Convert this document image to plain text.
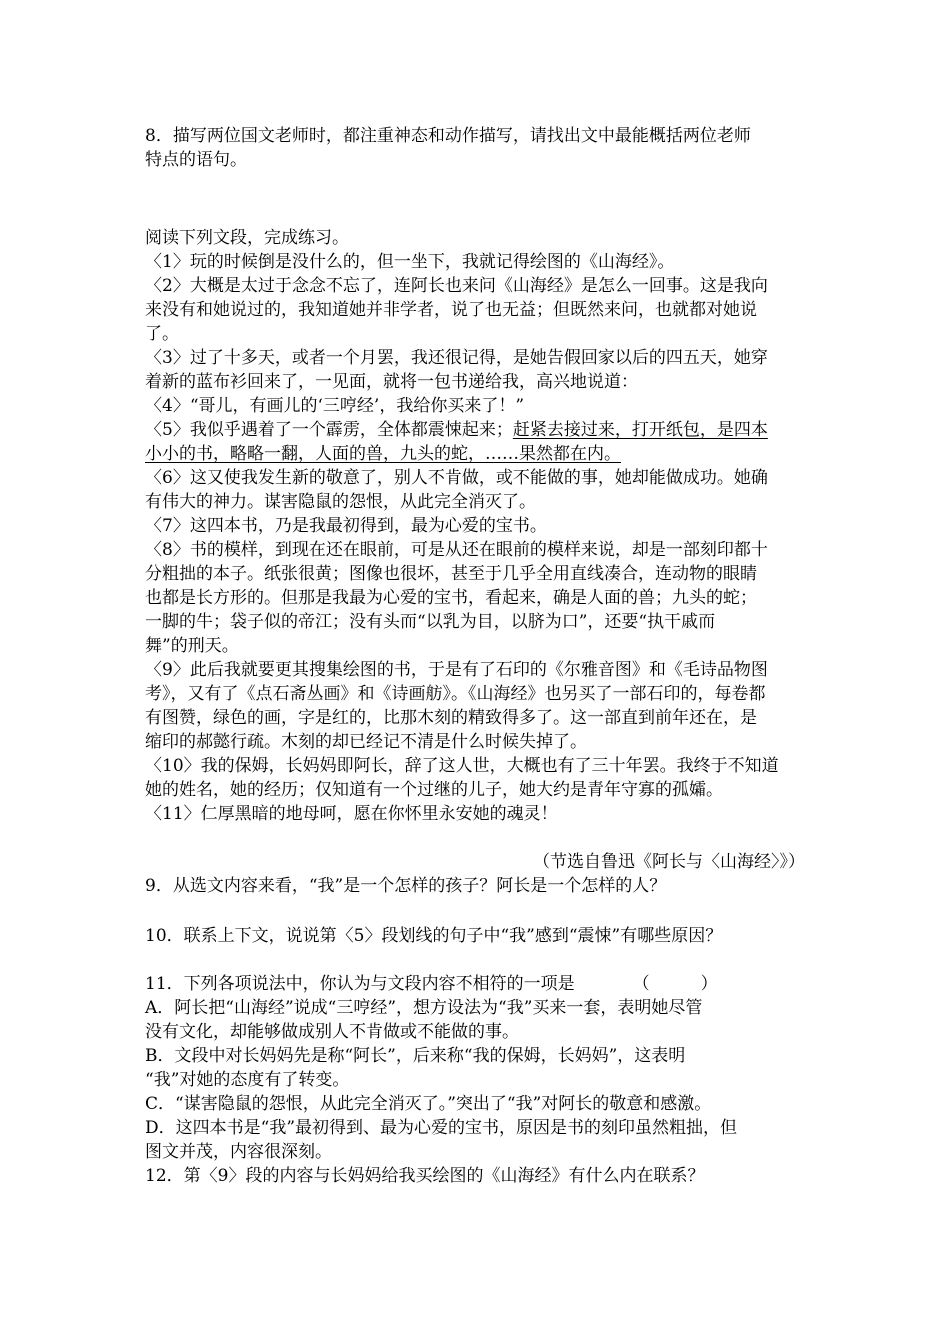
8．描写两位国文老师时，都注重神态和动作描写，请找出文中最能概括两位老师
特点的语句。
阅读下列文段，完成练习。
〈1〉玩的时候倒是没什么的，但一坐下，我就记得绘图的《山海经》。
〈2〉大概是太过于念念不忘了，连阿长也来问《山海经》是怎么一回事。这是我向
来没有和她说过的，我知道她并非学者，说了也无益；但既然来问，也就都对她说
了。
〈3〉过了十多天，或者一个月罢，我还很记得，是她告假回家以后的四五天，她穿
着新的蓝布衫回来了，一见面，就将一包书递给我，高兴地说道：
〈4〉“哥儿，有画儿的‘三哼经’，我给你买来了！”
〈5〉我似乎遇着了一个霹雳，全体都震悚起来；赶紧去接过来，打开纸包，是四本
小小的书，略略一翻，人面的兽，九头的蛇，……果然都在内。
〈6〉这又使我发生新的敬意了，别人不肯做，或不能做的事，她却能做成功。她确
有伟大的神力。谋害隐鼠的怨恨，从此完全消灭了。
〈7〉这四本书，乃是我最初得到，最为心爱的宝书。
〈8〉书的模样，到现在还在眼前，可是从还在眼前的模样来说，却是一部刻印都十
分粗拙的本子。纸张很黄；图像也很坏，甚至于几乎全用直线凑合，连动物的眼睛
也都是长方形的。但那是我最为心爱的宝书，看起来，确是人面的兽；九头的蛇；
一脚的牛；袋子似的帝江；没有头而“以乳为目，以脐为口”，还要“执干戚而
舞”的刑天。
〈9〉此后我就要更其搜集绘图的书，于是有了石印的《尔雅音图》和《毛诗品物图
考》，又有了《点石斋丛画》和《诗画舫》。《山海经》也另买了一部石印的，每卷都
有图赞，绿色的画，字是红的，比那木刻的精致得多了。这一部直到前年还在，是
缩印的郝懿行疏。木刻的却已经记不清是什么时候失掉了。
〈10〉我的保姆，长妈妈即阿长，辞了这人世，大概也有了三十年罢。我终于不知道
她的姓名，她的经历；仅知道有一个过继的儿子，她大约是青年守寡的孤孀。
〈11〉仁厚黑暗的地母呵，愿在你怀里永安她的魂灵！
（节选自鲁迅《阿长与〈山海经〉》）
9．从选文内容来看，“我”是一个怎样的孩子？阿长是一个怎样的人？
10．联系上下文，说说第〈5〉段划线的句子中“我”感到“震悚”有哪些原因？
11．下列各项说法中，你认为与文段内容不相符的一项是	（　　　）
A．阿长把“山海经”说成“三哼经”，想方设法为“我”买来一套，表明她尽管
没有文化，却能够做成别人不肯做或不能做的事。
B．文段中对长妈妈先是称“阿长”，后来称“我的保姆，长妈妈”，这表明
“我”对她的态度有了转变。
C．“谋害隐鼠的怨恨，从此完全消灭了。”突出了“我”对阿长的敬意和感激。
D．这四本书是“我”最初得到、最为心爱的宝书，原因是书的刻印虽然粗拙，但
图文并茂，内容很深刻。
12．第〈9〉段的内容与长妈妈给我买绘图的《山海经》有什么内在联系？
